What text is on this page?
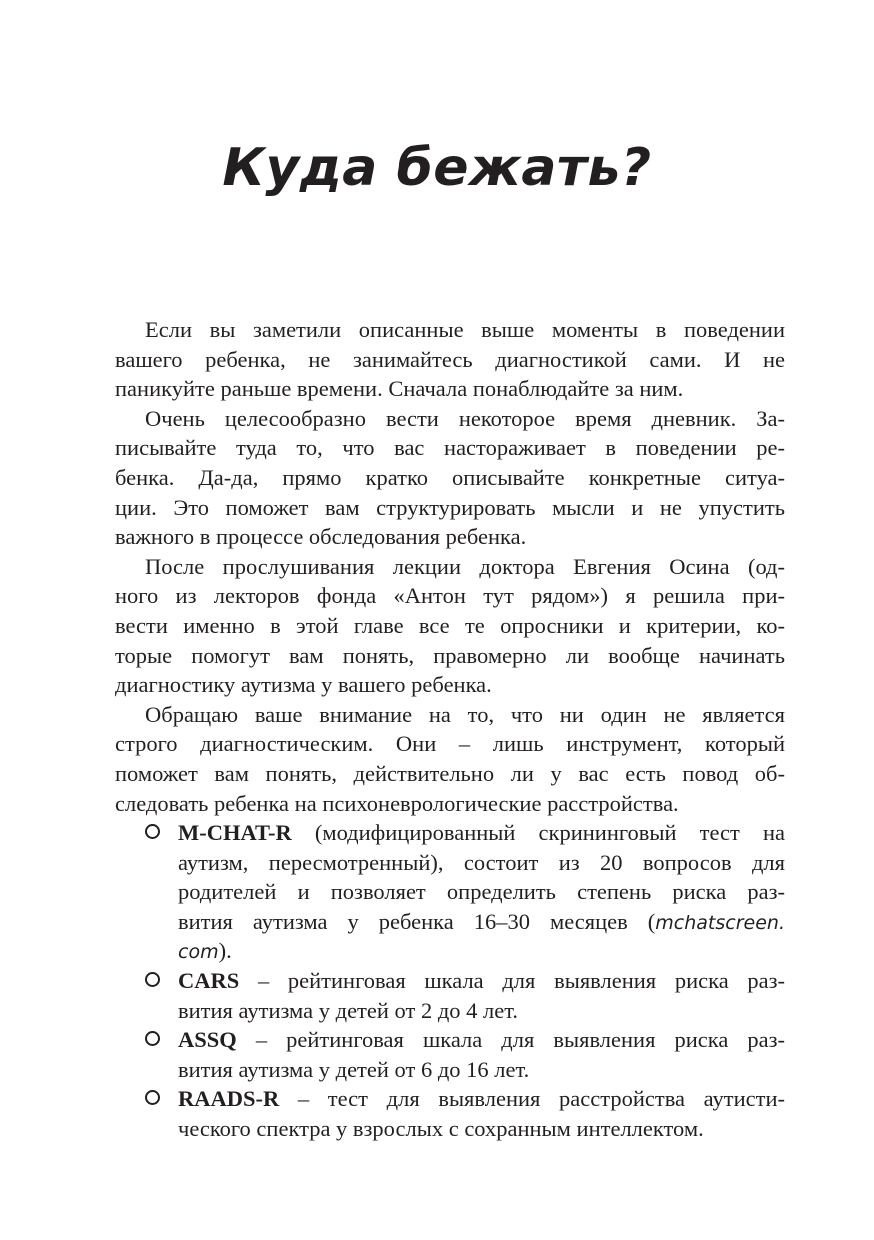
Куда бежать?
Если вы заметили описанные выше моменты в поведении
вашего ребенка, не занимайтесь диагностикой сами. И не
паникуйте раньше времени. Сначала понаблюдайте за ним.
Очень целесообразно вести некоторое время дневник. За-
писывайте туда то, что вас настораживает в поведении ре-
бенка. Да-да, прямо кратко описывайте конкретные ситуа-
ции. Это поможет вам структурировать мысли и не упустить
важного в процессе обследования ребенка.
После прослушивания лекции доктора Евгения Осина (од-
ного из лекторов фонда «Антон тут рядом») я решила при-
вести именно в этой главе все те опросники и критерии, ко-
торые помогут вам понять, правомерно ли вообще начинать
диагностику аутизма у вашего ребенка.
Обращаю ваше внимание на то, что ни один не является
строго диагностическим. Они – лишь инструмент, который
поможет вам понять, действительно ли у вас есть повод об-
следовать ребенка на психоневрологические расстройства.
M-CHAT-R (модифицированный скрининговый тест на
аутизм, пересмотренный), состоит из 20 вопросов для
родителей и позволяет определить степень риска раз-
вития аутизма у ребенка 16–30 месяцев (mchatscreen.
com).
CARS – рейтинговая шкала для выявления риска раз-
вития аутизма у детей от 2 до 4 лет.
ASSQ – рейтинговая шкала для выявления риска раз-
вития аутизма у детей от 6 до 16 лет.
RAADS-R – тест для выявления расстройства аутисти-
ческого спектра у взрослых с сохранным интеллектом.
